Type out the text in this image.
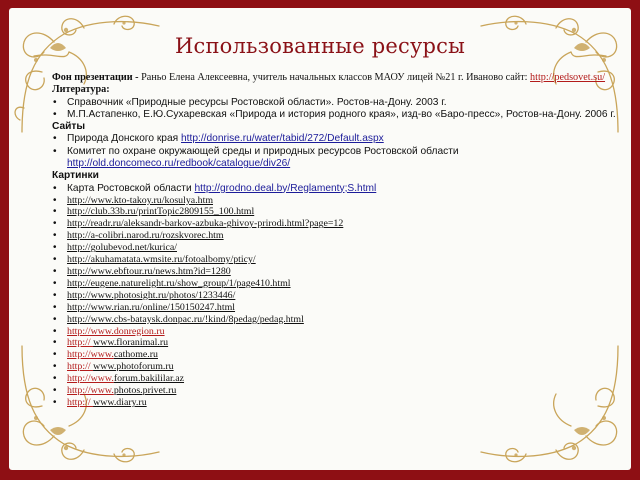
Использованные ресурсы

Фон презентации - Раньо Елена Алексеевна, учитель начальных классов МАОУ лицей №21 г. Иваново сайт: http://pedsovet.su/

Литература:

• Справочник «Природные ресурсы Ростовской области». Ростов-на-Дону. 2003 г.
• М.П.Астапенко, Е.Ю.Сухаревская «Природа и история родного края», изд-во «Баро-пресс», Ростов-на-Дону. 2006 г.

Сайты

• Природа Донского края http://donrise.ru/water/tabid/272/Default.aspx
• Комитет по охране окружающей среды и природных ресурсов Ростовской области
http://old.doncomeco.ru/redbook/catalogue/div26/

Картинки

• Карта Ростовской области http://grodno.deal.by/Reglamenty;S.html
• http://www.kto-takoy.ru/kosulya.htm
• http://club.33b.ru/printTopic2809155_100.html
• http://readr.ru/aleksandr-barkov-azbuka-ghivoy-prirodi.html?page=12
• http://a-colibri.narod.ru/rozskvorec.htm
• http://golubevod.net/kurica/
• http://akuhamatata.wmsite.ru/fotoalbomy/pticy/
• http://www.ebftour.ru/news.htm?id=1280
• http://eugene.naturelight.ru/show_group/1/page410.html
• http://www.photosight.ru/photos/1233446/
• http://www.rian.ru/online/150150247.html
• http://www.cbs-bataysk.donpac.ru/!kind/8pedag/pedag.html
• http://www.donregion.ru
• http:// www.floranimal.ru
• http://www.cathome.ru
• http:// www.photoforum.ru
• http://www.forum.bakililar.az
• http://www.photos.privet.ru
• http:// www.diary.ru
